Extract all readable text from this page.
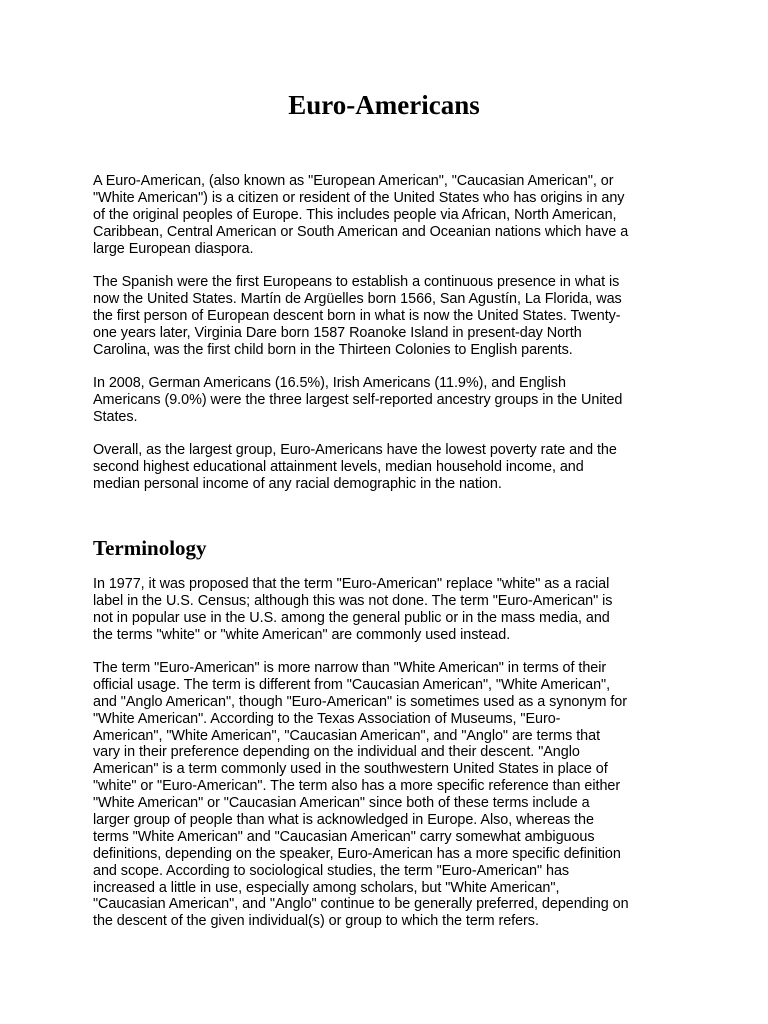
Euro-Americans

A Euro-American, (also known as "European American", "Caucasian American", or
"White American") is a citizen or resident of the United States who has origins in any
of the original peoples of Europe. This includes people via African, North American,
Caribbean, Central American or South American and Oceanian nations which have a
large European diaspora.

The Spanish were the first Europeans to establish a continuous presence in what is
now the United States. Martín de Argüelles born 1566, San Agustín, La Florida, was
the first person of European descent born in what is now the United States. Twenty-
one years later, Virginia Dare born 1587 Roanoke Island in present-day North
Carolina, was the first child born in the Thirteen Colonies to English parents.

In 2008, German Americans (16.5%), Irish Americans (11.9%), and English
Americans (9.0%) were the three largest self-reported ancestry groups in the United
States.

Overall, as the largest group, Euro-Americans have the lowest poverty rate and the
second highest educational attainment levels, median household income, and
median personal income of any racial demographic in the nation.

Terminology

In 1977, it was proposed that the term "Euro-American" replace "white" as a racial
label in the U.S. Census; although this was not done. The term "Euro-American" is
not in popular use in the U.S. among the general public or in the mass media, and
the terms "white" or "white American" are commonly used instead.

The term "Euro-American" is more narrow than "White American" in terms of their
official usage. The term is different from "Caucasian American", "White American",
and "Anglo American", though "Euro-American" is sometimes used as a synonym for
"White American". According to the Texas Association of Museums, "Euro-
American", "White American", "Caucasian American", and "Anglo" are terms that
vary in their preference depending on the individual and their descent. "Anglo
American" is a term commonly used in the southwestern United States in place of
"white" or "Euro-American". The term also has a more specific reference than either
"White American" or "Caucasian American" since both of these terms include a
larger group of people than what is acknowledged in Europe. Also, whereas the
terms "White American" and "Caucasian American" carry somewhat ambiguous
definitions, depending on the speaker, Euro-American has a more specific definition
and scope. According to sociological studies, the term "Euro-American" has
increased a little in use, especially among scholars, but "White American",
"Caucasian American", and "Anglo" continue to be generally preferred, depending on
the descent of the given individual(s) or group to which the term refers.
